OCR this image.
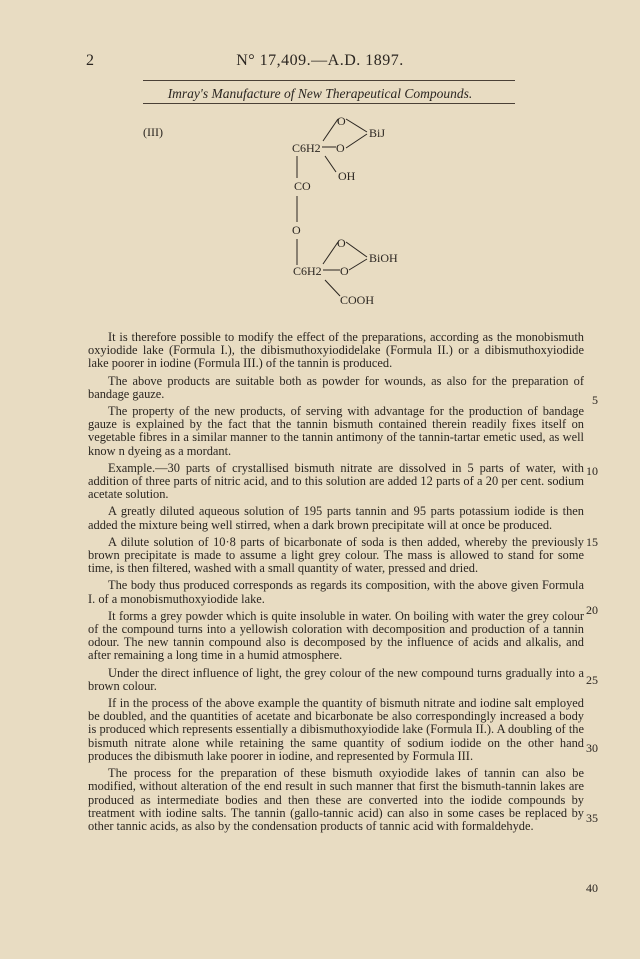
2	N° 17,409.—A.D. 1897.
Imray's Manufacture of New Therapeutical Compounds.
(III)
O
BiJ
C6H2 O
OH
CO
O
O
BiOH
C6H2 O
COOH

It is therefore possible to modify the effect of the preparations, according as the monobismuth oxyiodide lake (Formula I.), the dibismuthoxyiodidelake (Formula II.) or a dibismuthoxyiodide lake poorer in iodine (Formula III.) of the tannin is produced.

The above products are suitable both as powder for wounds, as also for the preparation of bandage gauze.

The property of the new products, of serving with advantage for the production of bandage gauze is explained by the fact that the tannin bismuth contained therein readily fixes itself on vegetable fibres in a similar manner to the tannin antimony of the tannin-tartar emetic used, as well know n dyeing as a mordant.

Example.—30 parts of crystallised bismuth nitrate are dissolved in 5 parts of water, with addition of three parts of nitric acid, and to this solution are added 12 parts of a 20 per cent. sodium acetate solution.

A greatly diluted aqueous solution of 195 parts tannin and 95 parts potassium iodide is then added the mixture being well stirred, when a dark brown precipitate will at once be produced.

A dilute solution of 10·8 parts of bicarbonate of soda is then added, whereby the previously brown precipitate is made to assume a light grey colour. The mass is allowed to stand for some time, is then filtered, washed with a small quantity of water, pressed and dried.

The body thus produced corresponds as regards its composition, with the above given Formula I. of a monobismuthoxyiodide lake.

It forms a grey powder which is quite insoluble in water. On boiling with water the grey colour of the compound turns into a yellowish coloration with decomposition and production of a tannin odour. The new tannin compound also is decomposed by the influence of acids and alkalis, and after remaining a long time in a humid atmosphere.

Under the direct influence of light, the grey colour of the new compound turns gradually into a brown colour.

If in the process of the above example the quantity of bismuth nitrate and iodine salt employed be doubled, and the quantities of acetate and bicarbonate be also correspondingly increased a body is produced which represents essentially a dibismuthoxyiodide lake (Formula II.). A doubling of the bismuth nitrate alone while retaining the same quantity of sodium iodide on the other hand produces the dibismuth lake poorer in iodine, and represented by Formula III.

The process for the preparation of these bismuth oxyiodide lakes of tannin can also be modified, without alteration of the end result in such manner that first the bismuth-tannin lakes are produced as intermediate bodies and then these are converted into the iodide compounds by treatment with iodine salts. The tannin (gallo-tannic acid) can also in some cases be replaced by other tannic acids, as also by the condensation products of tannic acid with formaldehyde.

5
10
15
20
25
30
35
40
